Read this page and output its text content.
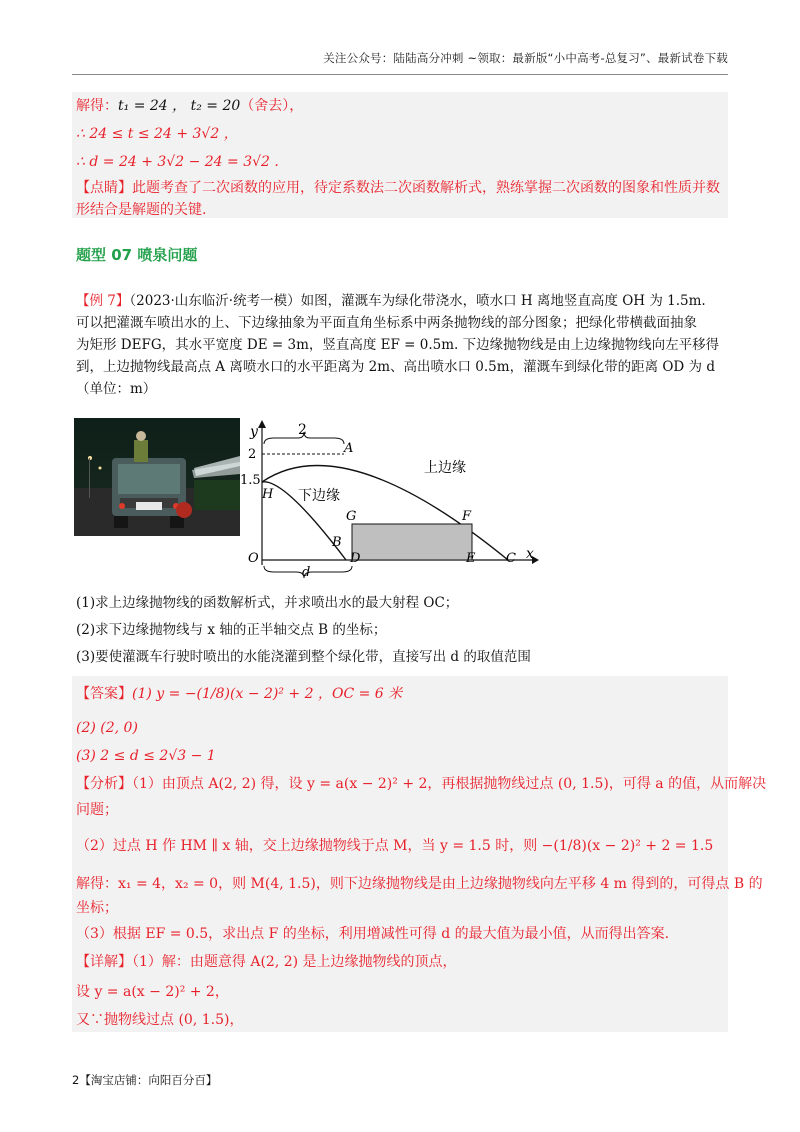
关注公众号：陆陆高分冲刺 ~领取：最新版“小中高考-总复习”、最新试卷下载
解得：t₁ = 24 ， t₂ = 20（舍去），
∴ 24 ≤ t ≤ 24 + 3√2 ，
∴ d = 24 + 3√2 − 24 = 3√2 .
【点睛】此题考查了二次函数的应用，待定系数法二次函数解析式，熟练掌握二次函数的图象和性质并数
形结合是解题的关键.
题型 07 喷泉问题
【例 7】（2023·山东临沂·统考一模）如图，灌溉车为绿化带浇水，喷水口 H 离地竖直高度 OH 为 1.5m.
可以把灌溉车喷出水的上、下边缘抽象为平面直角坐标系中两条抛物线的部分图象；把绿化带横截面抽象
为矩形 DEFG，其水平宽度 DE = 3m，竖直高度 EF = 0.5m. 下边缘抛物线是由上边缘抛物线向左平移得
到，上边抛物线最高点 A 离喷水口的水平距离为 2m、高出喷水口 0.5m，灌溉车到绿化带的距离 OD 为 d
（单位：m）
y
x
2
2
1.5
A
H
上边缘
下边缘
G	F
O
B
D	E C
d
(1)求上边缘抛物线的函数解析式，并求喷出水的最大射程 OC；
(2)求下边缘抛物线与 x 轴的正半轴交点 B 的坐标；
(3)要使灌溉车行驶时喷出的水能浇灌到整个绿化带，直接写出 d 的取值范围
【答案】(1) y = −(1/8)(x − 2)² + 2 ，OC = 6 米
(2) (2, 0)
(3) 2 ≤ d ≤ 2√3 − 1
【分析】（1）由顶点 A(2, 2) 得，设 y = a(x − 2)² + 2，再根据抛物线过点 (0, 1.5)，可得 a 的值，从而解决
问题；
（2）过点 H 作 HM ∥ x 轴，交上边缘抛物线于点 M，当 y = 1.5 时，则 −(1/8)(x − 2)² + 2 = 1.5
解得：x₁ = 4，x₂ = 0，则 M(4, 1.5)，则下边缘抛物线是由上边缘抛物线向左平移 4 m 得到的，可得点 B 的
坐标；
（3）根据 EF = 0.5，求出点 F 的坐标，利用增减性可得 d 的最大值为最小值，从而得出答案.
【详解】（1）解：由题意得 A(2, 2) 是上边缘抛物线的顶点，
设 y = a(x − 2)² + 2，
又∵抛物线过点 (0, 1.5)，
2【淘宝店铺：向阳百分百】
